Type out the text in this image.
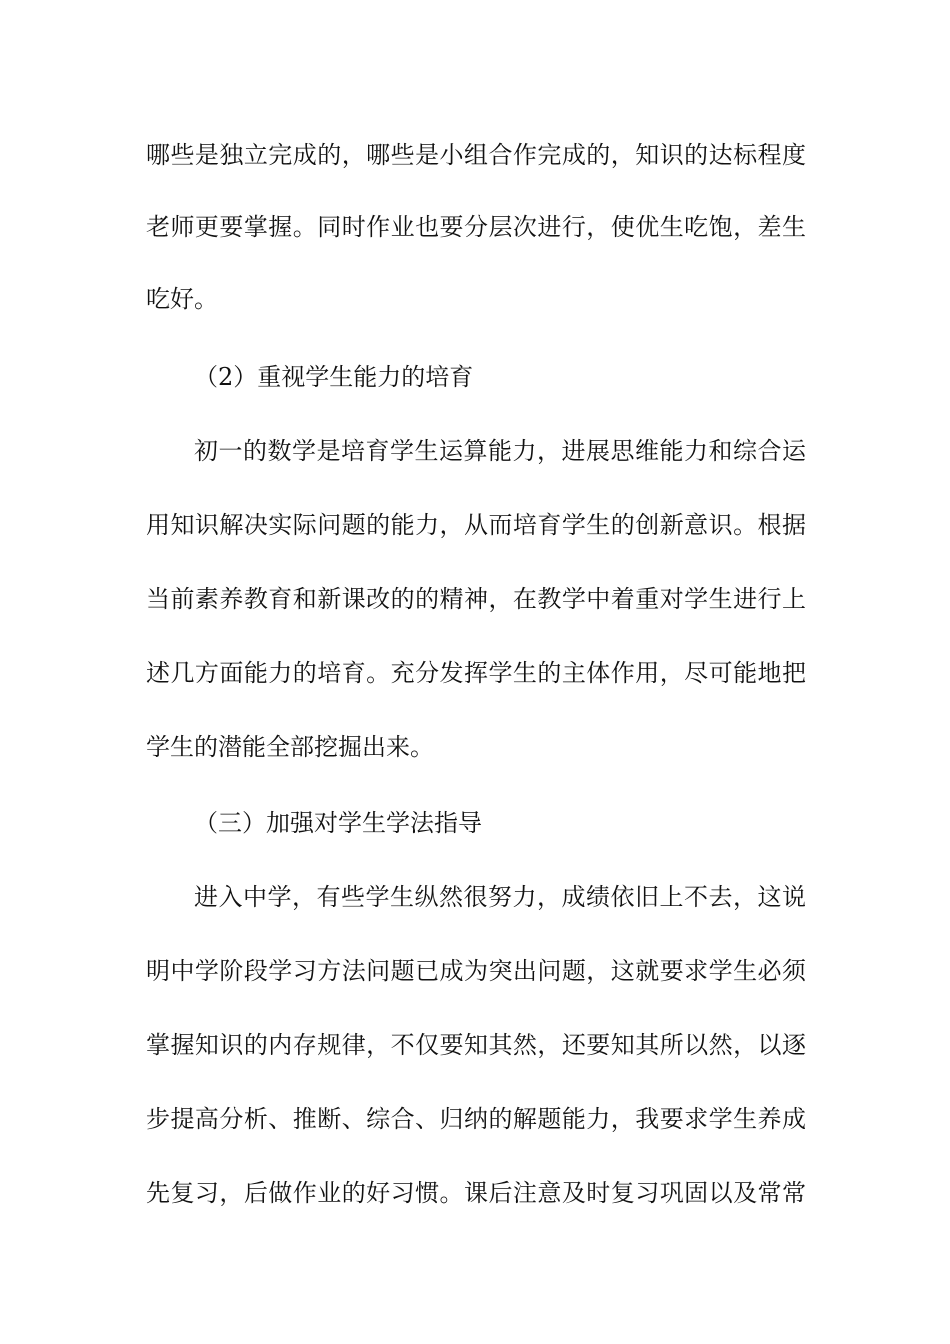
哪些是独立完成的，哪些是小组合作完成的，知识的达标程度
老师更要掌握。同时作业也要分层次进行，使优生吃饱，差生
吃好。
（2）重视学生能力的培育
初一的数学是培育学生运算能力，进展思维能力和综合运
用知识解决实际问题的能力，从而培育学生的创新意识。根据
当前素养教育和新课改的的精神，在教学中着重对学生进行上
述几方面能力的培育。充分发挥学生的主体作用，尽可能地把
学生的潜能全部挖掘出来。
（三）加强对学生学法指导
进入中学，有些学生纵然很努力，成绩依旧上不去，这说
明中学阶段学习方法问题已成为突出问题，这就要求学生必须
掌握知识的内存规律，不仅要知其然，还要知其所以然，以逐
步提高分析、推断、综合、归纳的解题能力，我要求学生养成
先复习，后做作业的好习惯。课后注意及时复习巩固以及常常
